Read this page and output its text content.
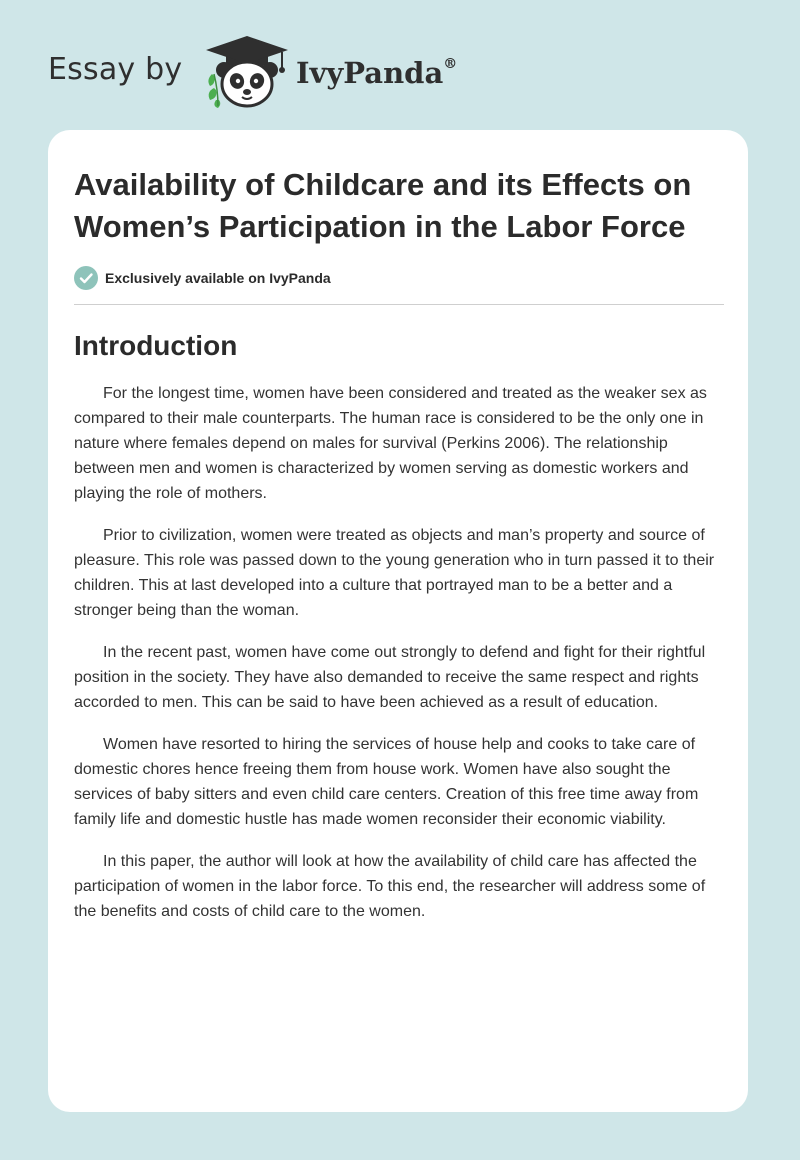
Essay by	IvyPanda®
Availability of Childcare and its Effects on Women’s Participation in the Labor Force
Exclusively available on IvyPanda
Introduction

For the longest time, women have been considered and treated as the weaker sex as compared to their male counterparts. The human race is considered to be the only one in nature where females depend on males for survival (Perkins 2006). The relationship between men and women is characterized by women serving as domestic workers and playing the role of mothers.

Prior to civilization, women were treated as objects and man’s property and source of pleasure. This role was passed down to the young generation who in turn passed it to their children. This at last developed into a culture that portrayed man to be a better and a stronger being than the woman.

In the recent past, women have come out strongly to defend and fight for their rightful position in the society. They have also demanded to receive the same respect and rights accorded to men. This can be said to have been achieved as a result of education.

Women have resorted to hiring the services of house help and cooks to take care of domestic chores hence freeing them from house work. Women have also sought the services of baby sitters and even child care centers. Creation of this free time away from family life and domestic hustle has made women reconsider their economic viability.

In this paper, the author will look at how the availability of child care has affected the participation of women in the labor force. To this end, the researcher will address some of the benefits and costs of child care to the women.
